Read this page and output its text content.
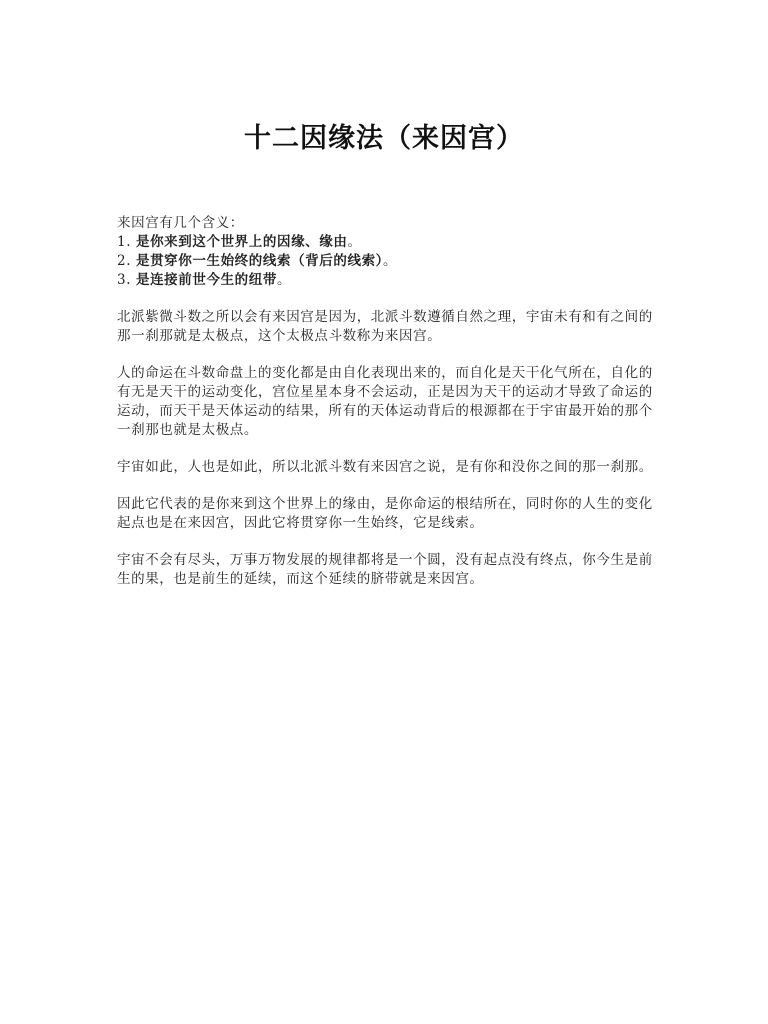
十二因缘法（来因宫）

来因宫有几个含义：

1. 是你来到这个世界上的因缘、缘由。
2. 是贯穿你一生始终的线索（背后的线索）。
3. 是连接前世今生的纽带。

北派紫微斗数之所以会有来因宫是因为，北派斗数遵循自然之理，宇宙未有和有之间的那一刹那就是太极点，这个太极点斗数称为来因宫。

人的命运在斗数命盘上的变化都是由自化表现出来的，而自化是天干化气所在，自化的有无是天干的运动变化，宫位星星本身不会运动，正是因为天干的运动才导致了命运的运动，而天干是天体运动的结果，所有的天体运动背后的根源都在于宇宙最开始的那个一刹那也就是太极点。

宇宙如此，人也是如此，所以北派斗数有来因宫之说，是有你和没你之间的那一刹那。

因此它代表的是你来到这个世界上的缘由，是你命运的根结所在，同时你的人生的变化起点也是在来因宫，因此它将贯穿你一生始终，它是线索。

宇宙不会有尽头，万事万物发展的规律都将是一个圆，没有起点没有终点，你今生是前生的果，也是前生的延续，而这个延续的脐带就是来因宫。
